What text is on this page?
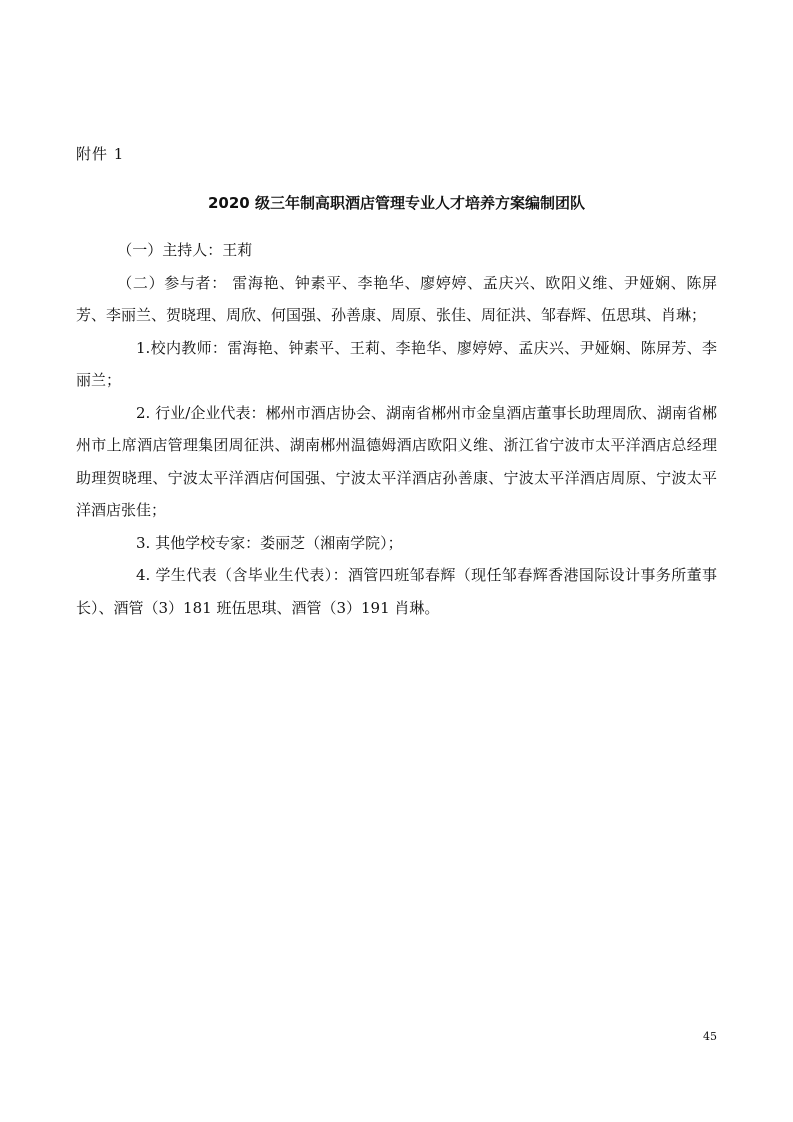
附件 1
2020 级三年制高职酒店管理专业人才培养方案编制团队

（一）主持人：王莉

（二）参与者： 雷海艳、钟素平、李艳华、廖婷婷、孟庆兴、欧阳义维、尹娅娴、陈屏芳、李丽兰、贺晓理、周欣、何国强、孙善康、周原、张佳、周征洪、邹春辉、伍思琪、肖琳；

1.校内教师：雷海艳、钟素平、王莉、李艳华、廖婷婷、孟庆兴、尹娅娴、陈屏芳、李丽兰；

2. 行业/企业代表：郴州市酒店协会、湖南省郴州市金皇酒店董事长助理周欣、湖南省郴州市上席酒店管理集团周征洪、湖南郴州温德姆酒店欧阳义维、浙江省宁波市太平洋酒店总经理助理贺晓理、宁波太平洋酒店何国强、宁波太平洋酒店孙善康、宁波太平洋酒店周原、宁波太平洋酒店张佳；

3. 其他学校专家：娄丽芝（湘南学院）；

4. 学生代表（含毕业生代表）：酒管四班邹春辉（现任邹春辉香港国际设计事务所董事长）、酒管（3）181 班伍思琪、酒管（3）191 肖琳。

45
